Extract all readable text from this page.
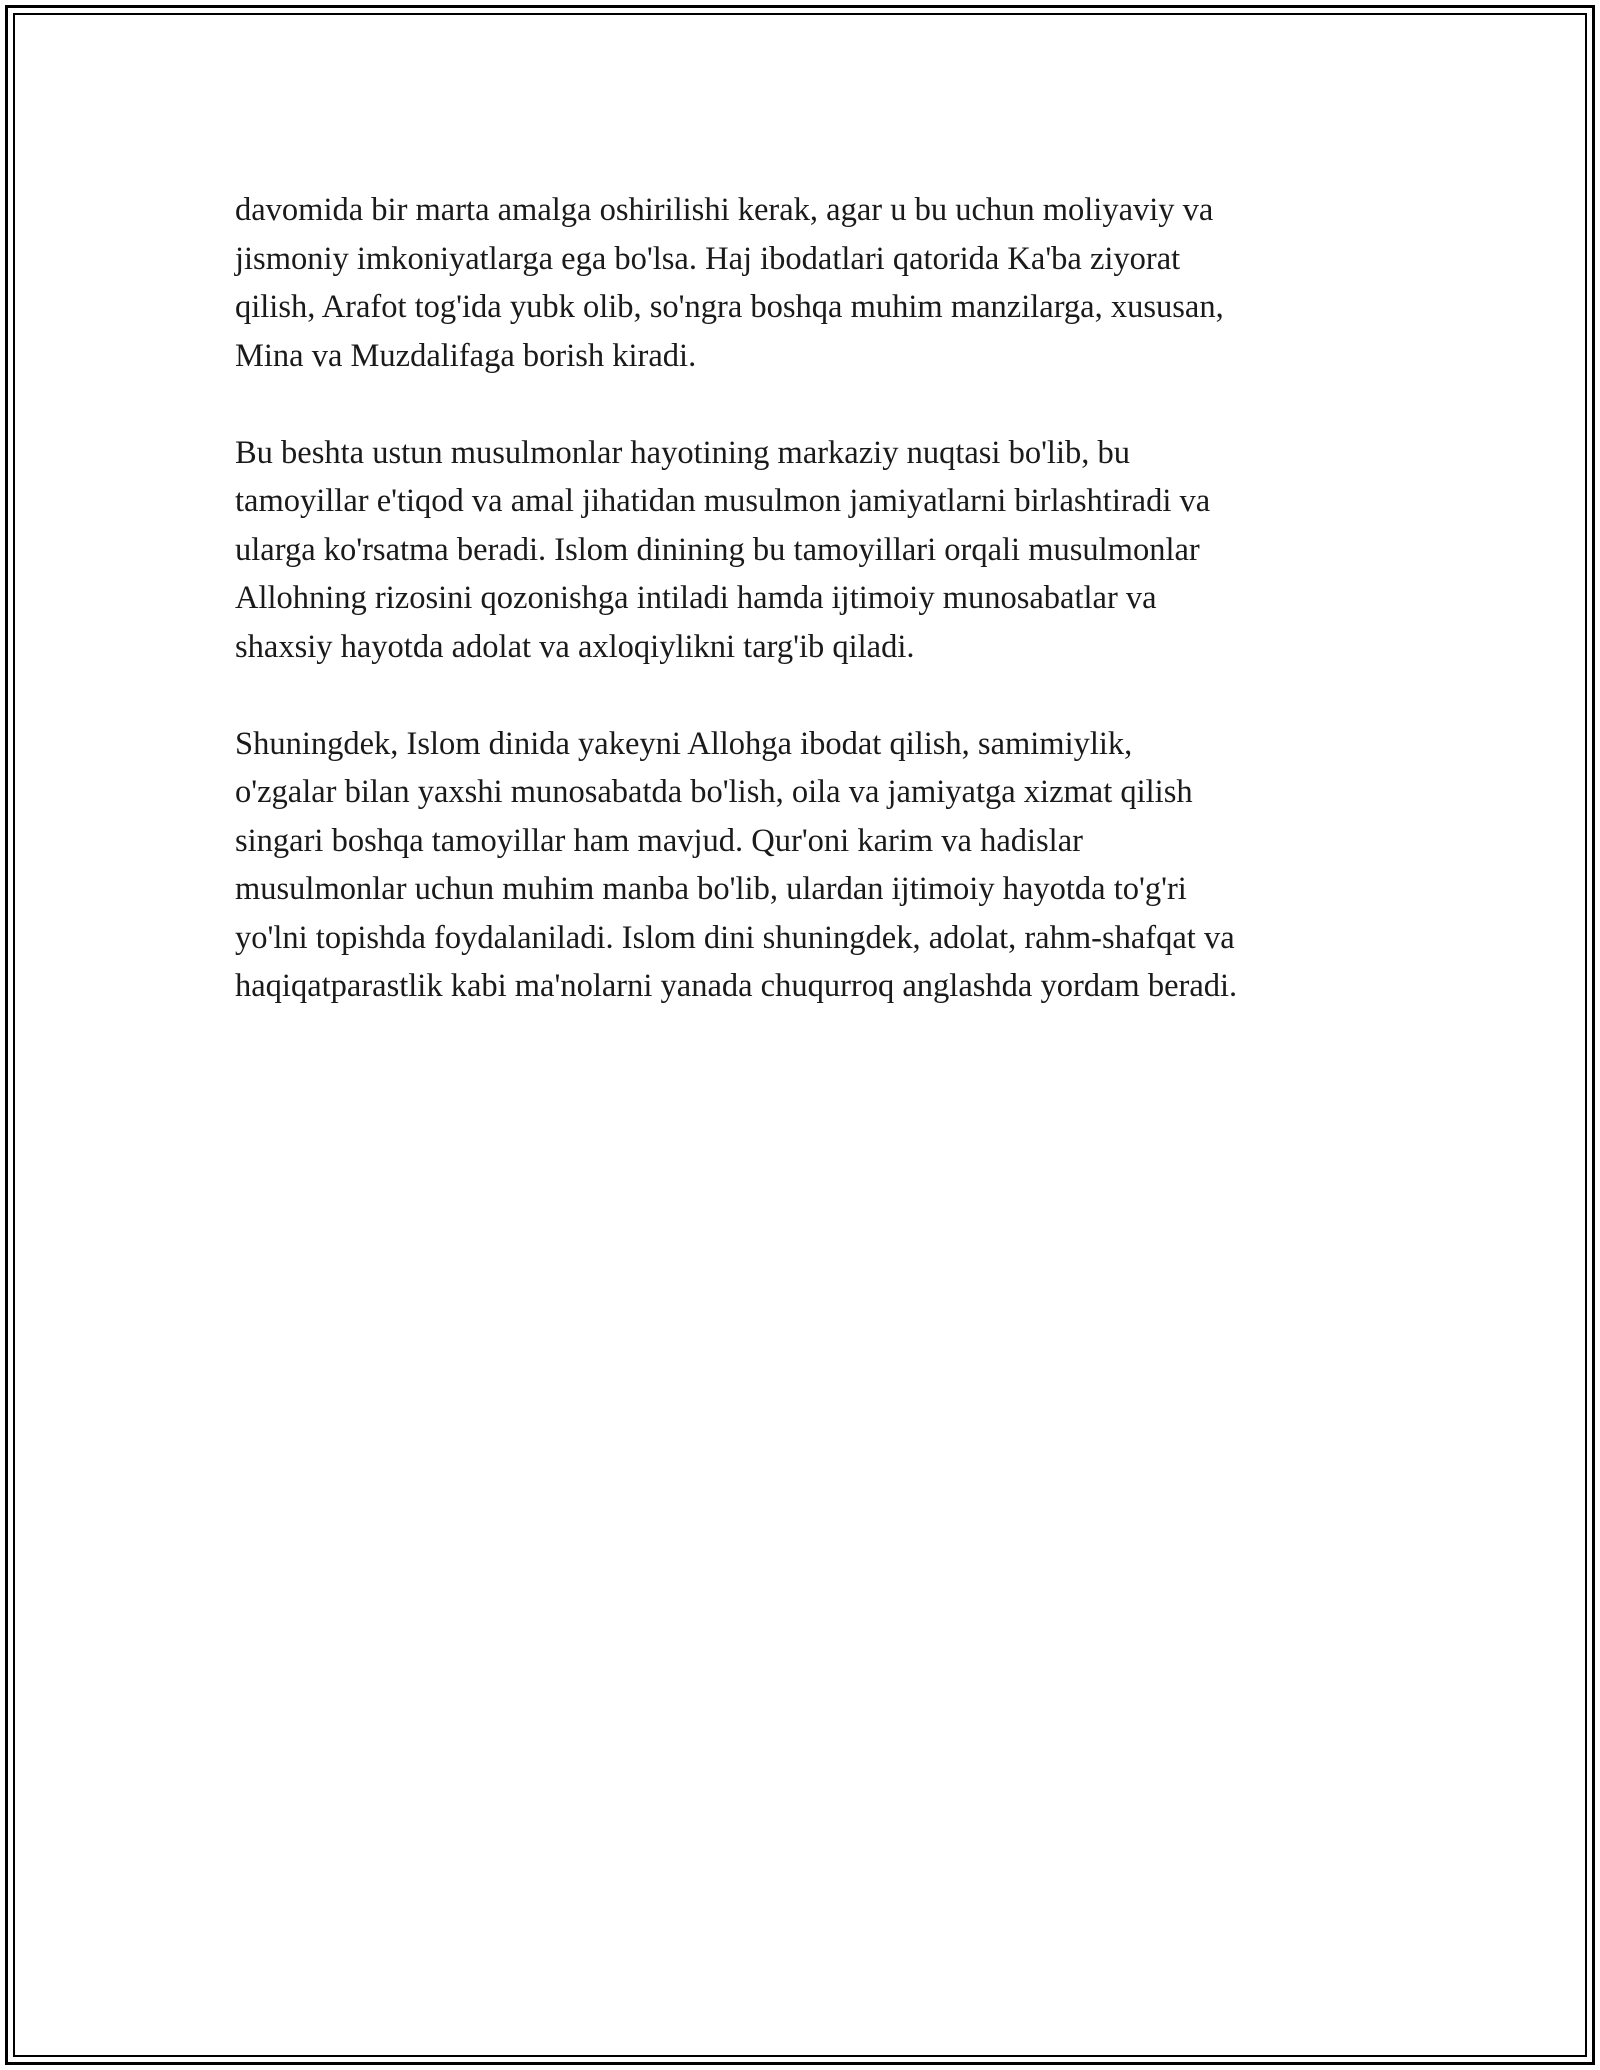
davomida bir marta amalga oshirilishi kerak, agar u bu uchun moliyaviy va
jismoniy imkoniyatlarga ega bo'lsa. Haj ibodatlari qatorida Ka'ba ziyorat
qilish, Arafot tog'ida yubk olib, so'ngra boshqa muhim manzilarga, xususan,
Mina va Muzdalifaga borish kiradi.
Bu beshta ustun musulmonlar hayotining markaziy nuqtasi bo'lib, bu
tamoyillar e'tiqod va amal jihatidan musulmon jamiyatlarni birlashtiradi va
ularga ko'rsatma beradi. Islom dinining bu tamoyillari orqali musulmonlar
Allohning rizosini qozonishga intiladi hamda ijtimoiy munosabatlar va
shaxsiy hayotda adolat va axloqiylikni targ'ib qiladi.
Shuningdek, Islom dinida yakeyni Allohga ibodat qilish, samimiylik,
o'zgalar bilan yaxshi munosabatda bo'lish, oila va jamiyatga xizmat qilish
singari boshqa tamoyillar ham mavjud. Qur'oni karim va hadislar
musulmonlar uchun muhim manba bo'lib, ulardan ijtimoiy hayotda to'g'ri
yo'lni topishda foydalaniladi. Islom dini shuningdek, adolat, rahm-shafqat va
haqiqatparastlik kabi ma'nolarni yanada chuqurroq anglashda yordam beradi.
